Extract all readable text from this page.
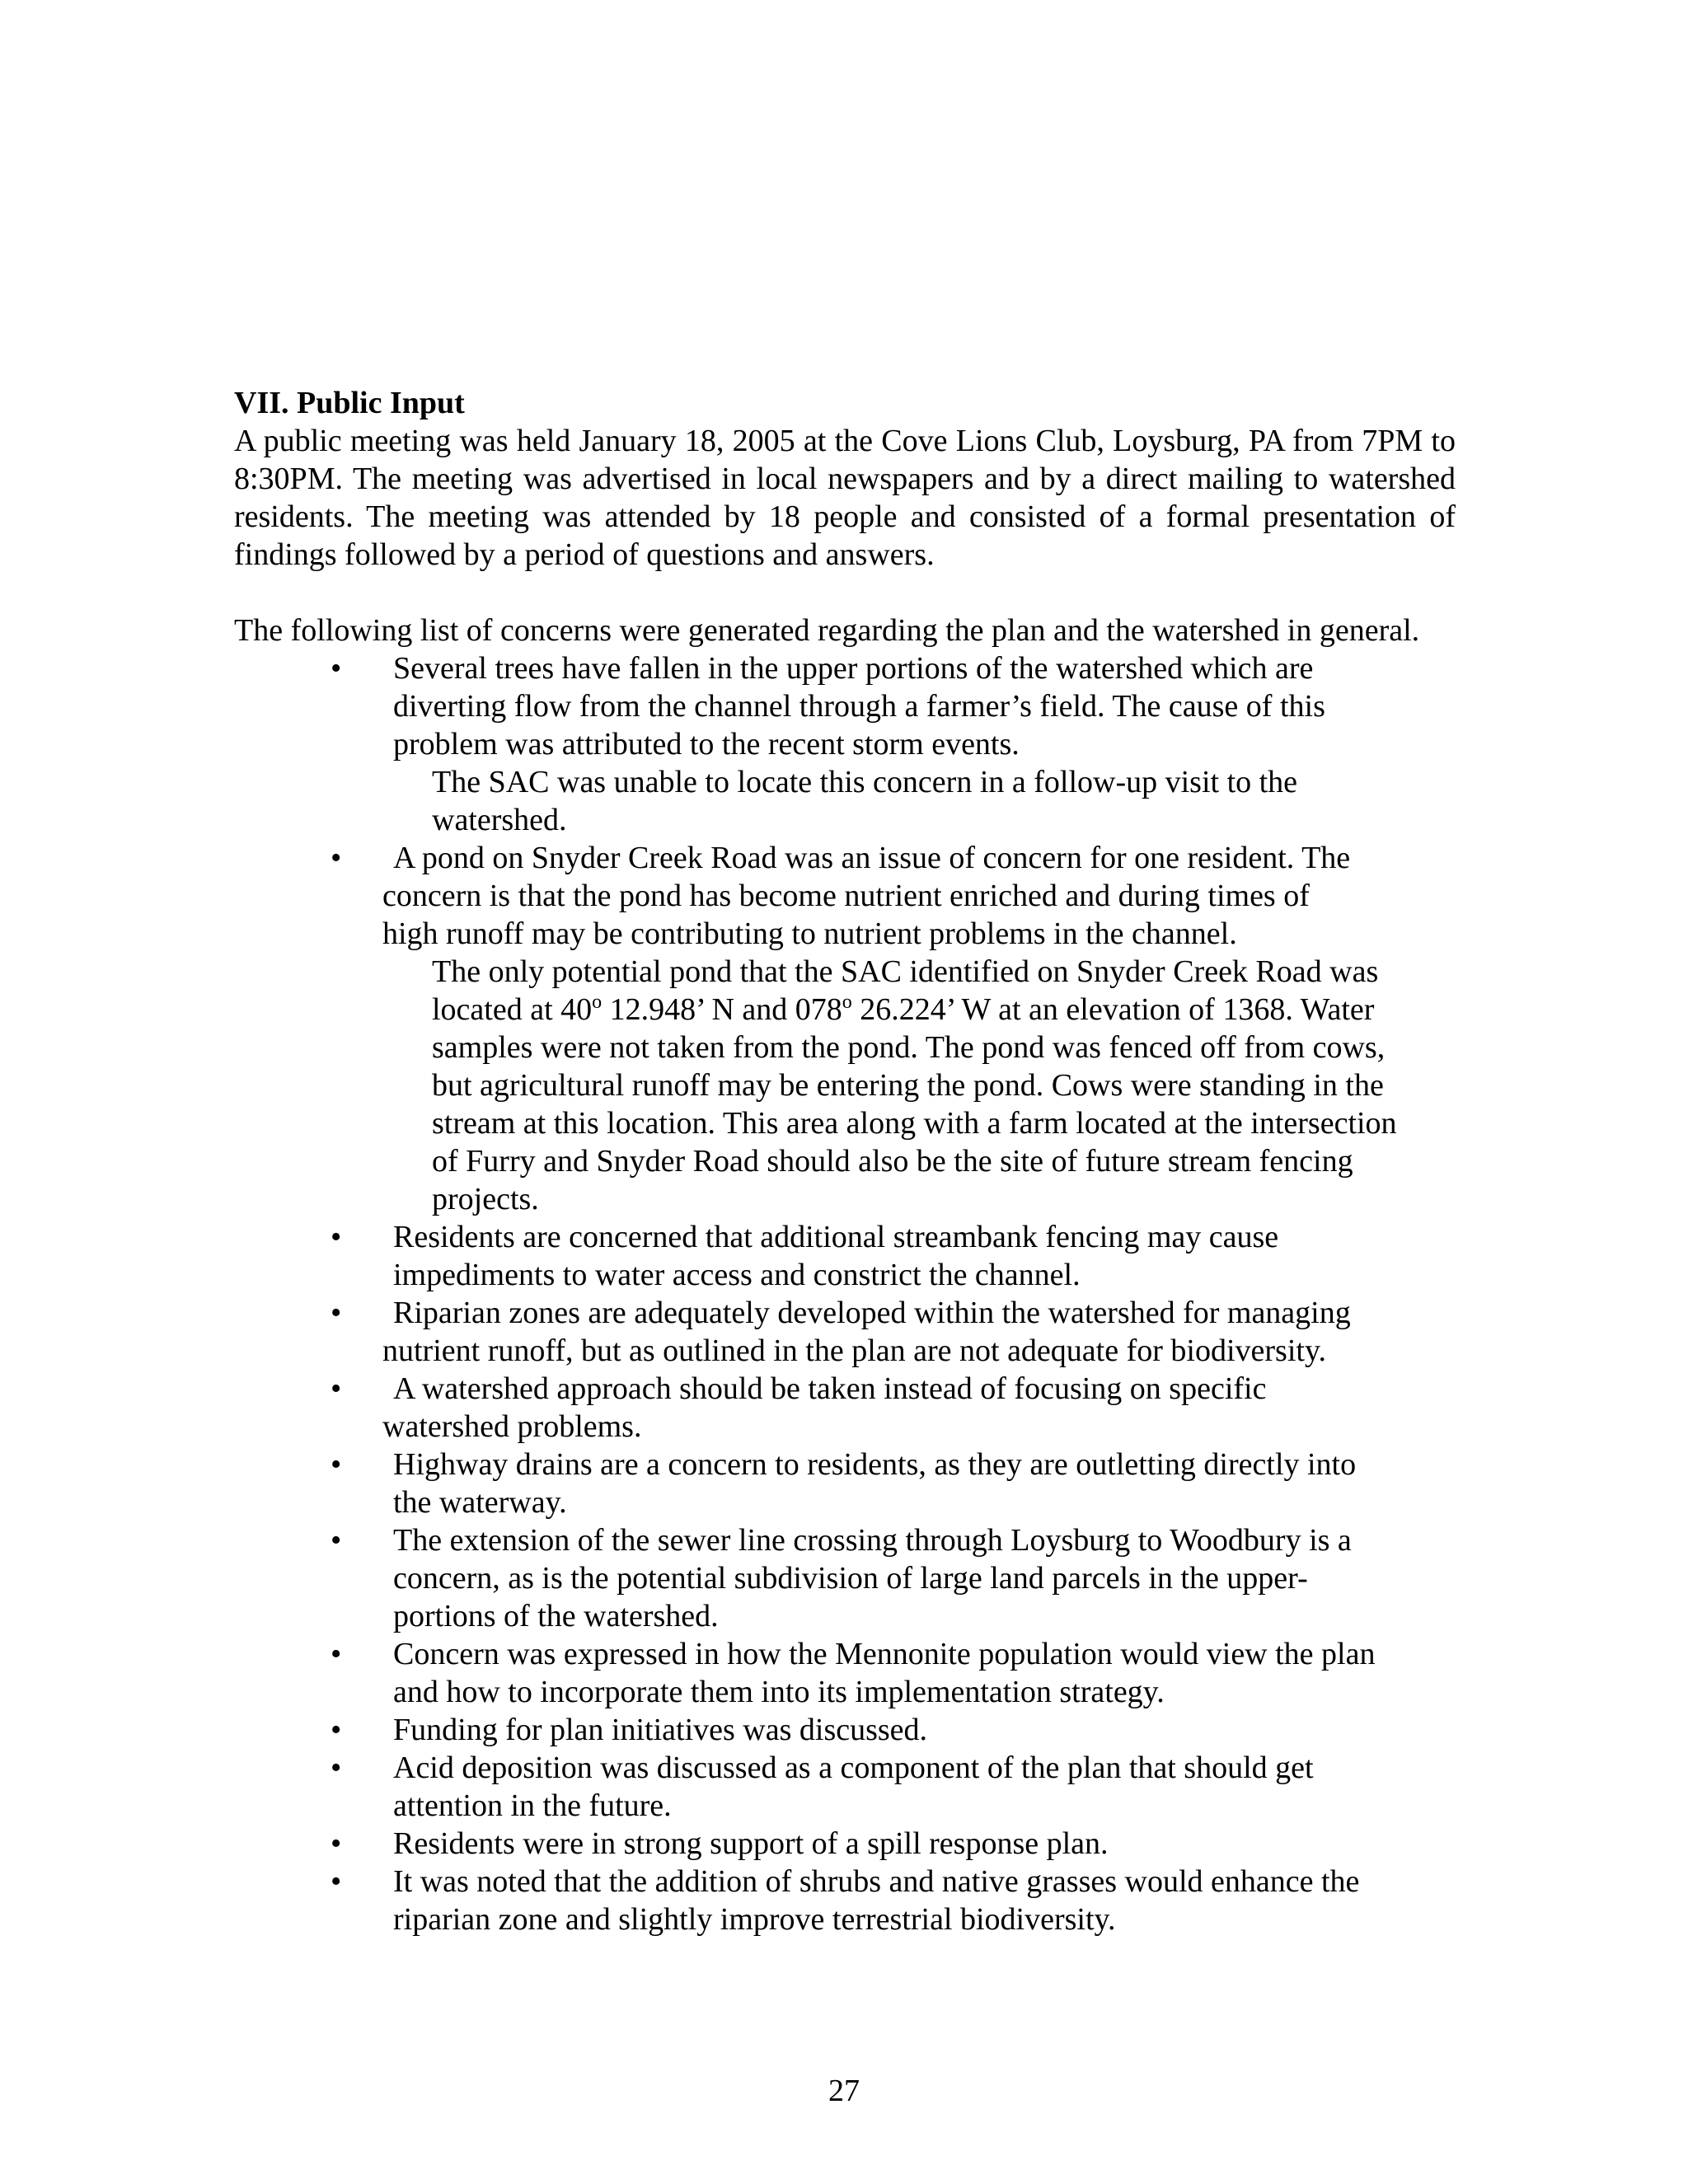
VII. Public Input

A public meeting was held January 18, 2005 at the Cove Lions Club, Loysburg, PA from 7PM to 8:30PM. The meeting was advertised in local newspapers and by a direct mailing to watershed residents. The meeting was attended by 18 people and consisted of a formal presentation of findings followed by a period of questions and answers.

The following list of concerns were generated regarding the plan and the watershed in general.

• Several trees have fallen in the upper portions of the watershed which are
diverting flow from the channel through a farmer’s field. The cause of this
problem was attributed to the recent storm events.
The SAC was unable to locate this concern in a follow-up visit to the
watershed.
•	A pond on Snyder Creek Road was an issue of concern for one resident. The
concern is that the pond has become nutrient enriched and during times of
high runoff may be contributing to nutrient problems in the channel.
The only potential pond that the SAC identified on Snyder Creek Road was
located at 40$^o$ 12.948’ N and 078$^o$ 26.224’ W at an elevation of 1368. Water
samples were not taken from the pond. The pond was fenced off from cows,
but agricultural runoff may be entering the pond. Cows were standing in the
stream at this location. This area along with a farm located at the intersection
of Furry and Snyder Road should also be the site of future stream fencing
projects.
• Residents are concerned that additional streambank fencing may cause
impediments to water access and constrict the channel.
•	Riparian zones are adequately developed within the watershed for managing
nutrient runoff, but as outlined in the plan are not adequate for biodiversity.
•	A watershed approach should be taken instead of focusing on specific
watershed problems.
• Highway drains are a concern to residents, as they are outletting directly into
the waterway.
• The extension of the sewer line crossing through Loysburg to Woodbury is a
concern, as is the potential subdivision of large land parcels in the upper-
portions of the watershed.
• Concern was expressed in how the Mennonite population would view the plan
and how to incorporate them into its implementation strategy.
• Funding for plan initiatives was discussed.
• Acid deposition was discussed as a component of the plan that should get
attention in the future.
• Residents were in strong support of a spill response plan.
• It was noted that the addition of shrubs and native grasses would enhance the
riparian zone and slightly improve terrestrial biodiversity.
27
